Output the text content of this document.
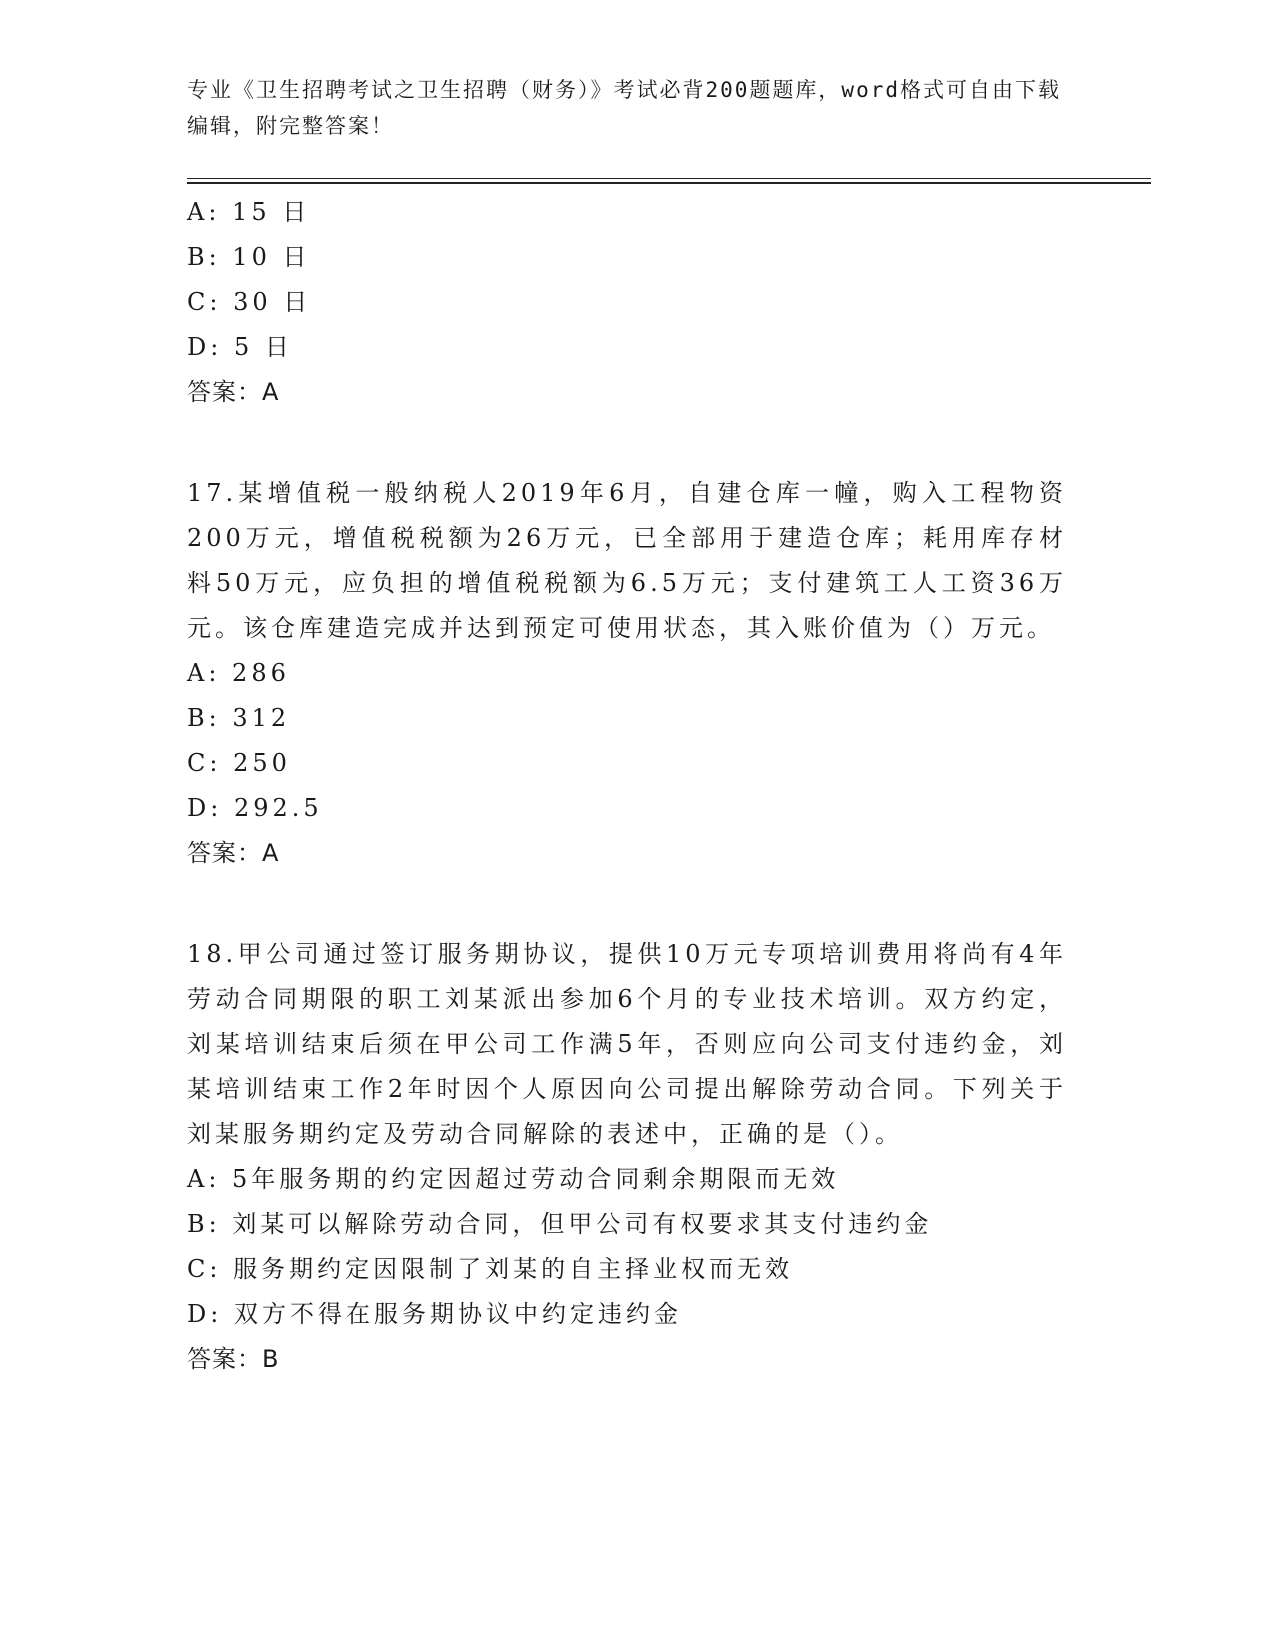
专业《卫生招聘考试之卫生招聘（财务）》考试必背200题题库，word格式可自由下载编辑，附完整答案！
A: 15 日
B: 10 日
C: 30 日
D: 5 日
答案：A
17.某增值税一般纳税人2019年6月，自建仓库一幢，购入工程物资200万元，增值税税额为26万元，已全部用于建造仓库；耗用库存材料50万元，应负担的增值税税额为6.5万元；支付建筑工人工资36万元。该仓库建造完成并达到预定可使用状态，其入账价值为（）万元。
A: 286
B: 312
C: 250
D: 292.5
答案：A
18.甲公司通过签订服务期协议，提供10万元专项培训费用将尚有4年劳动合同期限的职工刘某派出参加6个月的专业技术培训。双方约定，刘某培训结束后须在甲公司工作满5年，否则应向公司支付违约金，刘某培训结束工作2年时因个人原因向公司提出解除劳动合同。下列关于刘某服务期约定及劳动合同解除的表述中，正确的是（）。
A: 5年服务期的约定因超过劳动合同剩余期限而无效
B: 刘某可以解除劳动合同，但甲公司有权要求其支付违约金
C: 服务期约定因限制了刘某的自主择业权而无效
D: 双方不得在服务期协议中约定违约金
答案：B
